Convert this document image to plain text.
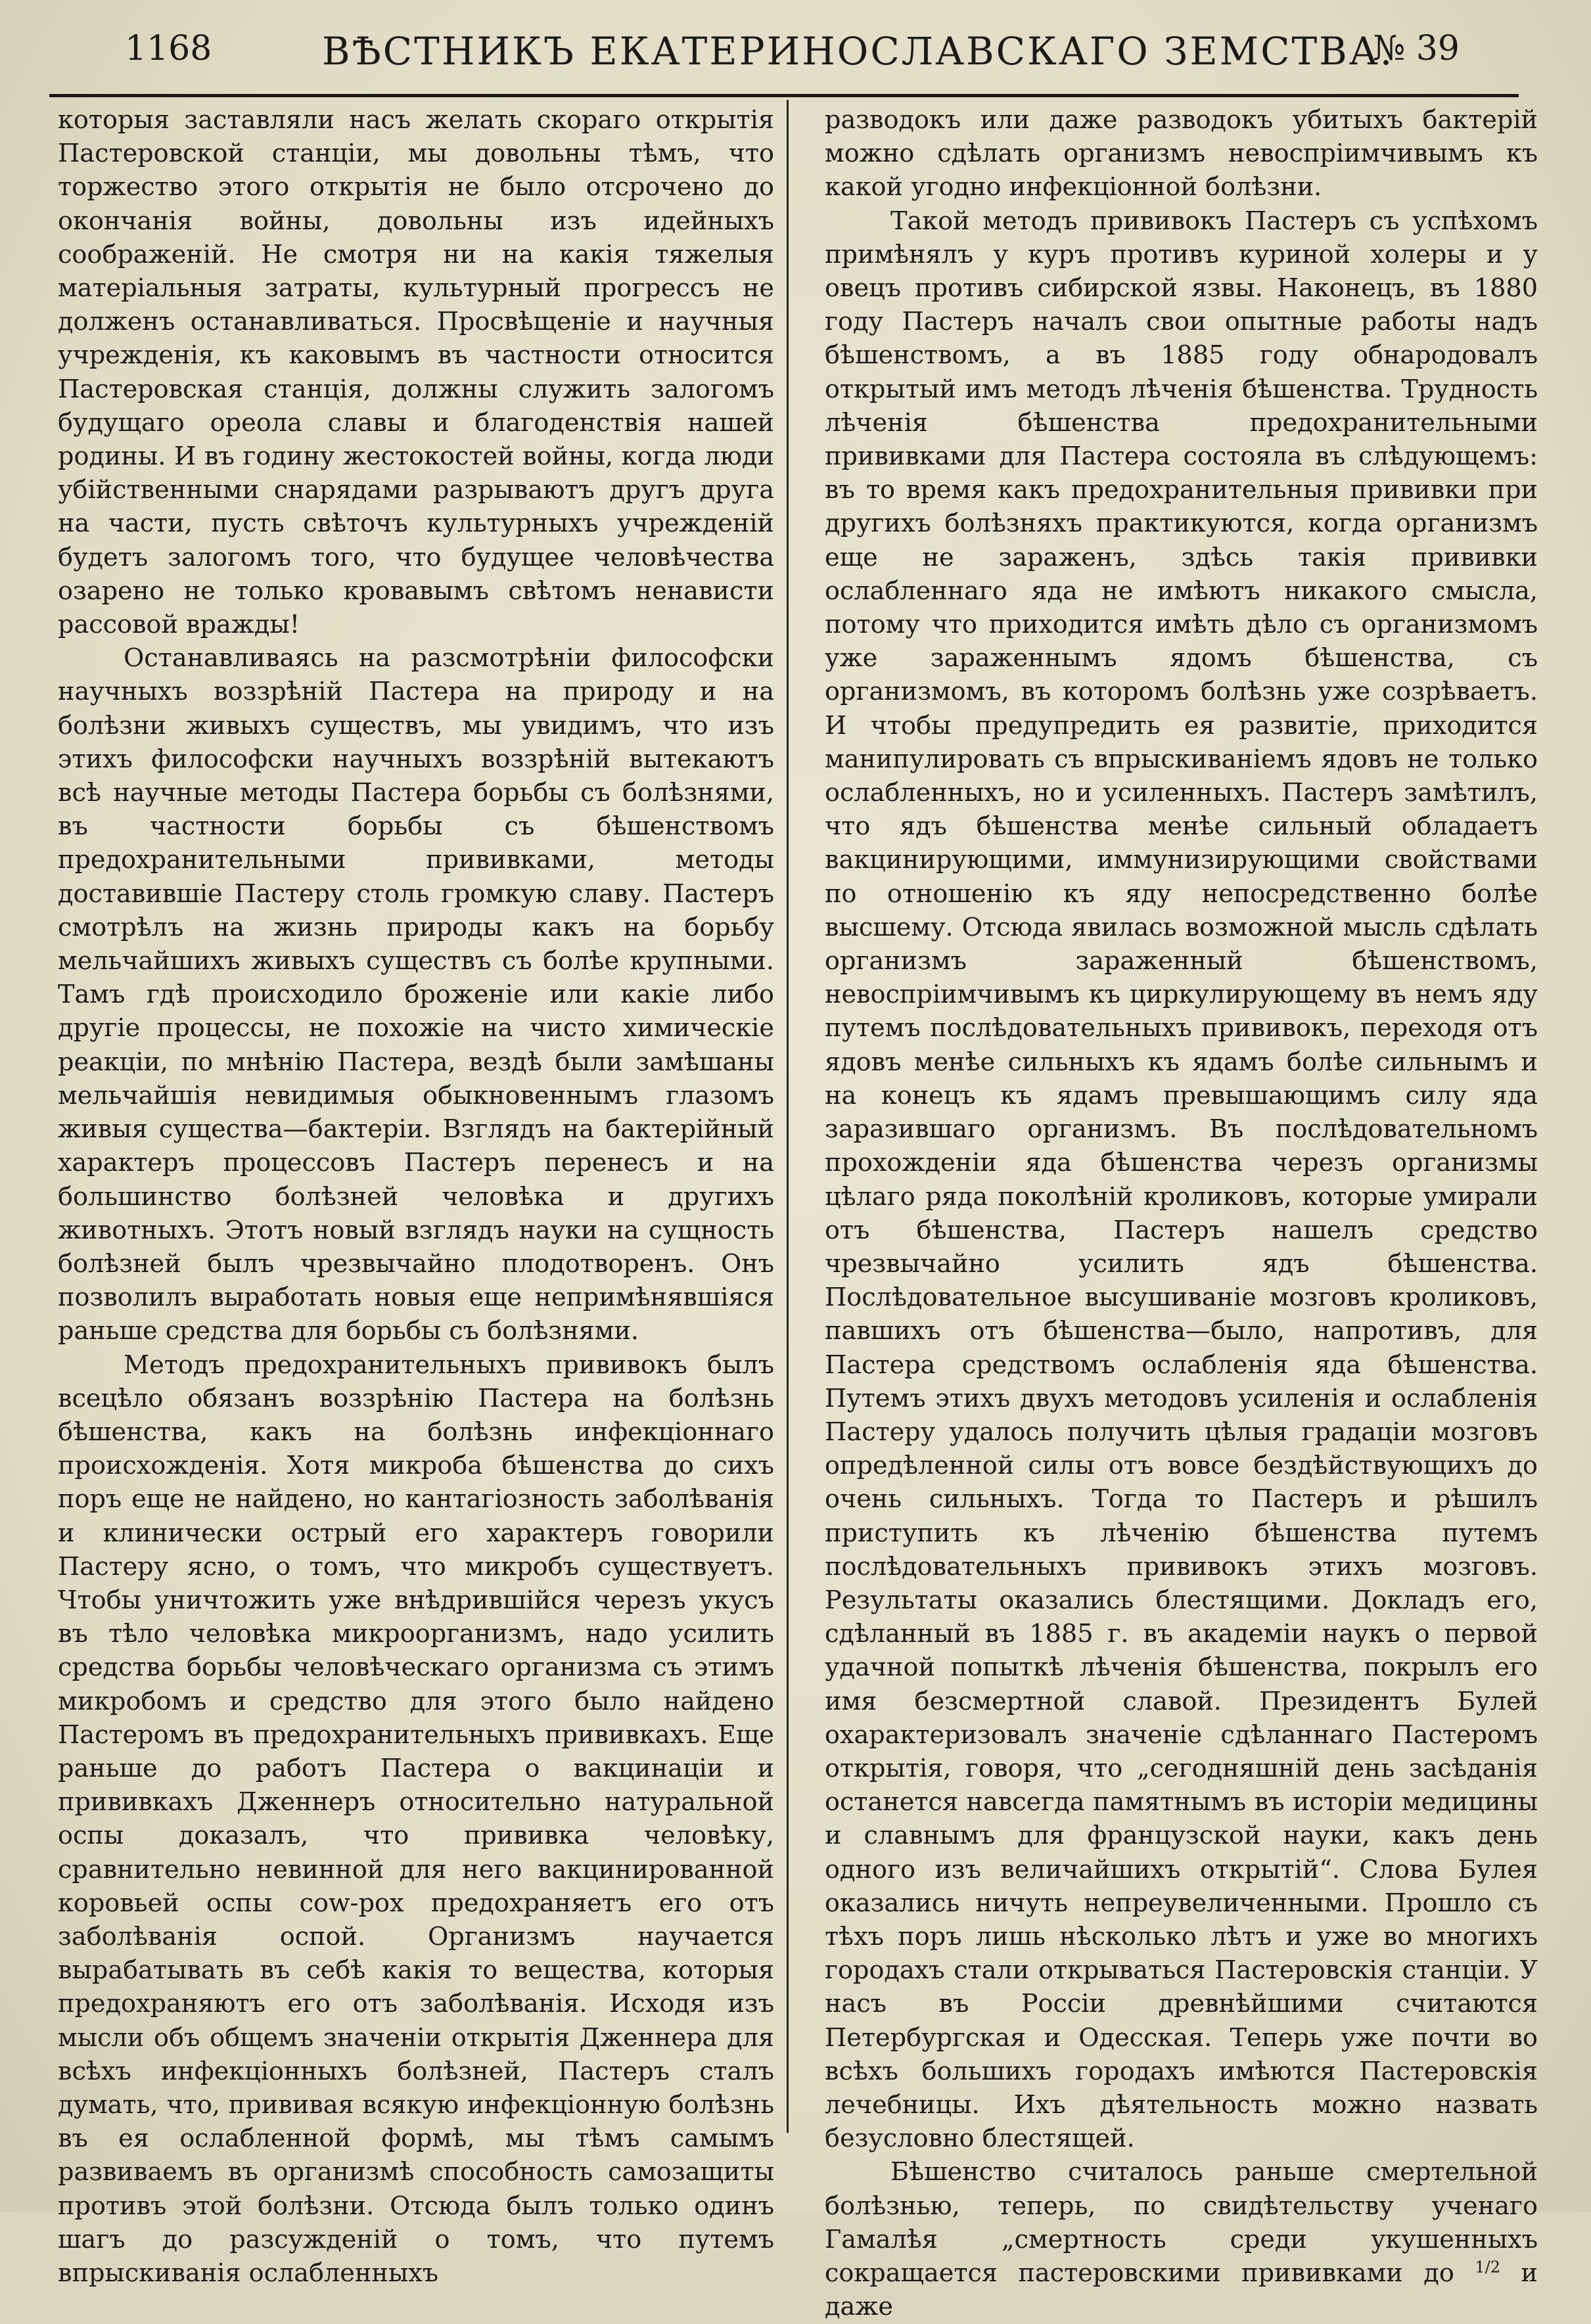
1168	ВѢСТНИКЪ ЕКАТЕРИНОСЛАВСКАГО ЗЕМСТВА.
№ 39

которыя заставляли насъ желать скораго открытія Пастеровской станціи, мы довольны тѣмъ, что торжество этого открытія не было отсрочено до окончанія войны, довольны изъ идейныхъ соображеній. Не смотря ни на какія тяжелыя матеріальныя затраты, культурный прогрессъ не долженъ останавливаться. Просвѣщеніе и научныя учрежденія, къ каковымъ въ частности относится Пастеровская станція, должны служить залогомъ будущаго ореола славы и благоденствія нашей родины. И въ годину жестокостей войны, когда люди убійственными снарядами разрываютъ другъ друга на части, пусть свѣточъ культурныхъ учрежденій будетъ залогомъ того, что будущее человѣчества озарено не только кровавымъ свѣтомъ ненависти рассовой вражды!

Останавливаясь на разсмотрѣніи философски научныхъ воззрѣній Пастера на природу и на болѣзни живыхъ существъ, мы увидимъ, что изъ этихъ философски научныхъ воззрѣній вытекаютъ всѣ научные методы Пастера борьбы съ болѣзнями, въ частности борьбы съ бѣшенствомъ предохранительными прививками, методы доставившіе Пастеру столь громкую славу. Пастеръ смотрѣлъ на жизнь природы какъ на борьбу мельчайшихъ живыхъ существъ съ болѣе крупными. Тамъ гдѣ происходило броженіе или какіе либо другіе процессы, не похожіе на чисто химическіе реакціи, по мнѣнію Пастера, вездѣ были замѣшаны мельчайшія невидимыя обыкновеннымъ глазомъ живыя существа—бактеріи. Взглядъ на бактерійный характеръ процессовъ Пастеръ перенесъ и на большинство болѣзней человѣка и другихъ животныхъ. Этотъ новый взглядъ науки на сущность болѣзней былъ чрезвычайно плодотворенъ. Онъ позволилъ выработать новыя еще непримѣнявшіяся раньше средства для борьбы съ болѣзнями.

Методъ предохранительныхъ прививокъ былъ всецѣло обязанъ воззрѣнію Пастера на болѣзнь бѣшенства, какъ на болѣзнь инфекціоннаго происхожденія. Хотя микроба бѣшенства до сихъ поръ еще не найдено, но кантагіозность заболѣванія и клинически острый его характеръ говорили Пастеру ясно, о томъ, что микробъ существуетъ. Чтобы уничтожить уже внѣдрившійся черезъ укусъ въ тѣло человѣка микроорганизмъ, надо усилить средства борьбы человѣческаго организма съ этимъ микробомъ и средство для этого было найдено Пастеромъ въ предохранительныхъ прививкахъ. Еще раньше до работъ Пастера о вакцинаціи и прививкахъ Дженнеръ относительно натуральной оспы доказалъ, что прививка человѣку, сравнительно невинной для него вакцинированной коровьей оспы cow-pox предохраняетъ его отъ заболѣванія оспой. Организмъ научается вырабатывать въ себѣ какія то вещества, которыя предохраняютъ его отъ заболѣванія. Исходя изъ мысли объ общемъ значеніи открытія Дженнера для всѣхъ инфекціонныхъ болѣзней, Пастеръ сталъ думать, что, прививая всякую инфекціонную болѣзнь въ ея ослабленной формѣ, мы тѣмъ самымъ развиваемъ въ организмѣ способность самозащиты противъ этой болѣзни. Отсюда былъ только одинъ шагъ до разсужденій о томъ, что путемъ впрыскиванія ослабленныхъ

разводокъ или даже разводокъ убитыхъ бактерій можно сдѣлать организмъ невоспріимчивымъ къ какой угодно инфекціонной болѣзни.

Такой методъ прививокъ Пастеръ съ успѣхомъ примѣнялъ у куръ противъ куриной холеры и у овецъ противъ сибирской язвы. Наконецъ, въ 1880 году Пастеръ началъ свои опытные работы надъ бѣшенствомъ, а въ 1885 году обнародовалъ открытый имъ методъ лѣченія бѣшенства. Трудность лѣченія бѣшенства предохранительными прививками для Пастера состояла въ слѣдующемъ: въ то время какъ предохранительныя прививки при другихъ болѣзняхъ практикуются, когда организмъ еще не зараженъ, здѣсь такія прививки ослабленнаго яда не имѣютъ никакого смысла, потому что приходится имѣть дѣло съ организмомъ уже зараженнымъ ядомъ бѣшенства, съ организмомъ, въ которомъ болѣзнь уже созрѣваетъ. И чтобы предупредить ея развитіе, приходится манипулировать съ впрыскиваніемъ ядовъ не только ослабленныхъ, но и усиленныхъ. Пастеръ замѣтилъ, что ядъ бѣшенства менѣе сильный обладаетъ вакцинирующими, иммунизирующими свойствами по отношенію къ яду непосредственно болѣе высшему. Отсюда явилась возможной мысль сдѣлать организмъ зараженный бѣшенствомъ, невоспріимчивымъ къ циркулирующему въ немъ яду путемъ послѣдовательныхъ прививокъ, переходя отъ ядовъ менѣе сильныхъ къ ядамъ болѣе сильнымъ и на конецъ къ ядамъ превышающимъ силу яда заразившаго организмъ. Въ послѣдовательномъ прохожденіи яда бѣшенства черезъ организмы цѣлаго ряда поколѣній кроликовъ, которые умирали отъ бѣшенства, Пастеръ нашелъ средство чрезвычайно усилить ядъ бѣшенства. Послѣдовательное высушиваніе мозговъ кроликовъ, павшихъ отъ бѣшенства—было, напротивъ, для Пастера средствомъ ослабленія яда бѣшенства. Путемъ этихъ двухъ методовъ усиленія и ослабленія Пастеру удалось получить цѣлыя градаціи мозговъ опредѣленной силы отъ вовсе бездѣйствующихъ до очень сильныхъ. Тогда то Пастеръ и рѣшилъ приступить къ лѣченію бѣшенства путемъ послѣдовательныхъ прививокъ этихъ мозговъ. Результаты оказались блестящими. Докладъ его, сдѣланный въ 1885 г. въ академіи наукъ о первой удачной попыткѣ лѣченія бѣшенства, покрылъ его имя безсмертной славой. Президентъ Булей охарактеризовалъ значеніе сдѣланнаго Пастеромъ открытія, говоря, что „сегодняшній день засѣданія останется навсегда памятнымъ въ исторіи медицины и славнымъ для французской науки, какъ день одного изъ величайшихъ открытій“. Слова Булея оказались ничуть непреувеличенными. Прошло съ тѣхъ поръ лишь нѣсколько лѣтъ и уже во многихъ городахъ стали открываться Пастеровскія станціи. У насъ въ Россіи древнѣйшими считаются Петербургская и Одесская. Теперь уже почти во всѣхъ большихъ городахъ имѣются Пастеровскія лечебницы. Ихъ дѣятельность можно назвать безусловно блестящей.

Бѣшенство считалось раньше смертельной болѣзнью, теперь, по свидѣтельству ученаго Гамалѣя „смертность среди укушенныхъ сокращается пастеровскими прививками до $^{1/2}$ и даже
